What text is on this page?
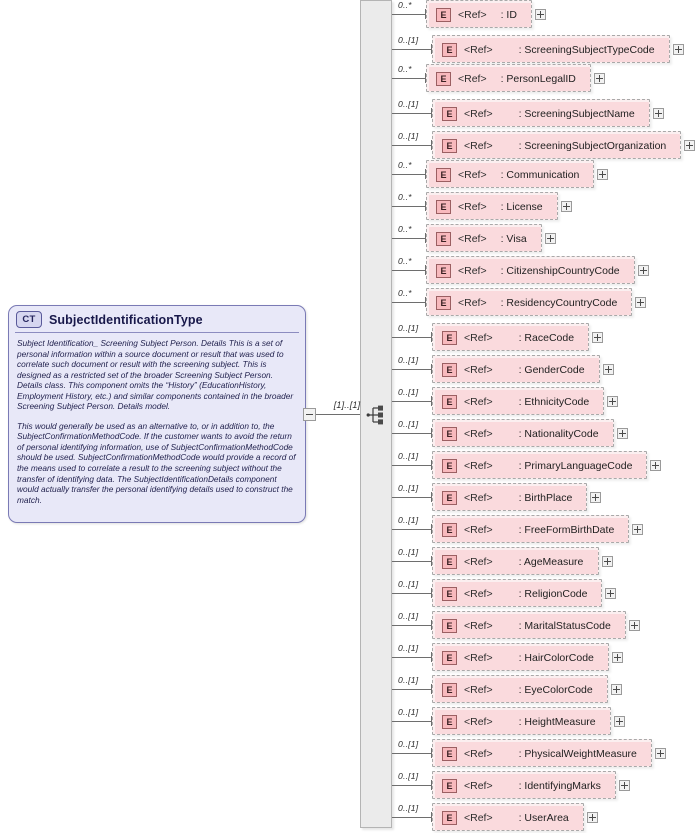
CT	SubjectIdentificationType

Subject Identification_ Screening Subject Person. Details This is a set of personal information within a source document or result that was used to correlate such document or result with the screening subject. This is designed as a restricted set of the broader Screening Subject Person. Details class. This component omits the “History” (EducationHistory, Employment History, etc.) and similar components contained in the broader Screening Subject Person. Details model.

This would generally be used as an alternative to, or in addition to, the SubjectConfirmationMethodCode. If the customer wants to avoid the return of personal identifying information, use of SubjectConfirmationMethodCode should be used. SubjectConfirmationMethodCode would provide a record of the means used to correlate a result to the screening subject without the transfer of identifying data. The SubjectIdentificationDetails component would actually transfer the personal identifying details used to construct the match.

[1]..[1]
0..*
E	<Ref> : ID
0..[1]
E	<Ref> : ScreeningSubjectTypeCode
0..*
E	<Ref> : PersonLegalID
0..[1]
E	<Ref> : ScreeningSubjectName
0..[1]
E	<Ref> : ScreeningSubjectOrganization
0..*
E	<Ref> : Communication
0..*
E	<Ref> : License
0..*
E	<Ref> : Visa
0..*
E	<Ref> : CitizenshipCountryCode
0..*
E	<Ref> : ResidencyCountryCode
0..[1]
E	<Ref> : RaceCode
0..[1]
E	<Ref> : GenderCode
0..[1]
E	<Ref> : EthnicityCode
0..[1]
E	<Ref> : NationalityCode
0..[1]
E	<Ref> : PrimaryLanguageCode
0..[1]
E	<Ref> : BirthPlace
0..[1]
E	<Ref> : FreeFormBirthDate
0..[1]
E	<Ref> : AgeMeasure
0..[1]
E	<Ref> : ReligionCode
0..[1]
E	<Ref> : MaritalStatusCode
0..[1]
E	<Ref> : HairColorCode
0..[1]
E	<Ref> : EyeColorCode
0..[1]
E	<Ref> : HeightMeasure
0..[1]
E	<Ref> : PhysicalWeightMeasure
0..[1]
E	<Ref> : IdentifyingMarks
0..[1]
E	<Ref> : UserArea
